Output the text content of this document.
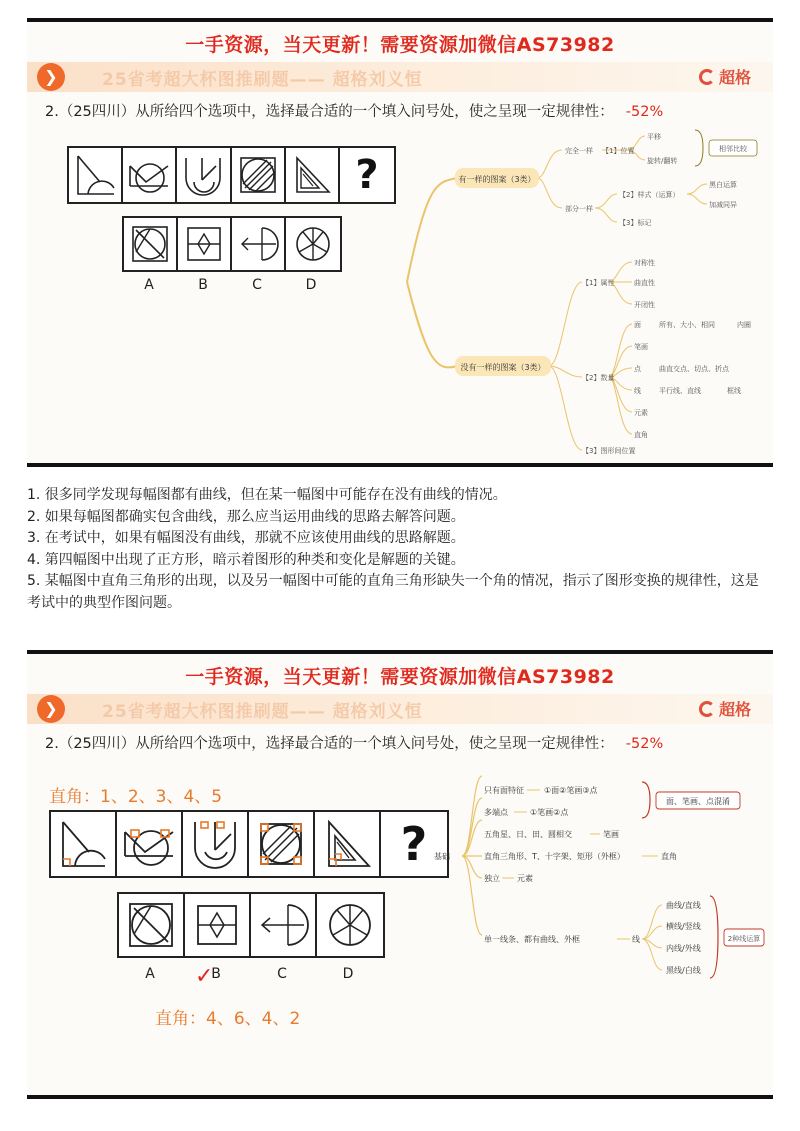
一手资源，当天更新！需要资源加微信AS73982
❯	25省考超大杯图推刷题—— 超格刘义恒	超格
2.（25四川）从所给四个选项中，选择最合适的一个填入问号处，使之呈现一定规律性： -52%
?
A	B	C	D
有一样的图案（3类）
没有一样的图案（3类）
完全一样 【1】位置
平移
旋转/翻转
相邻比较
部分一样
【2】样式（运算）
黑白运算
加减同异
【3】标记
【1】属性
对称性
曲直性
开闭性
【2】数量
面	所有、大小、相同	内圈
笔画
点	曲直交点、切点、折点
线	平行线、直线	框线
元素
直角
【3】图形间位置

1. 很多同学发现每幅图都有曲线，但在某一幅图中可能存在没有曲线的情况。

2. 如果每幅图都确实包含曲线，那么应当运用曲线的思路去解答问题。

3. 在考试中，如果有幅图没有曲线，那就不应该使用曲线的思路解题。

4. 第四幅图中出现了正方形，暗示着图形的种类和变化是解题的关键。

5. 某幅图中直角三角形的出现，以及另一幅图中可能的直角三角形缺失一个角的情况，指示了图形变换的规律性，这是考试中的典型作图问题。

一手资源，当天更新！需要资源加微信AS73982
❯	25省考超大杯图推刷题—— 超格刘义恒	超格
2.（25四川）从所给四个选项中，选择最合适的一个填入问号处，使之呈现一定规律性： -52%
直角：1、2、3、4、5
?
A	B	C	D
✓
直角：4、6、4、2
基础
只有面特征	①面②笔画③点
多端点	①笔画②点
面、笔画、点混淆
五角星、日、田、圆相交	笔画
直角三角形、T、十字架、矩形（外框）	直角
独立 元素
单一线条、都有曲线、外框	线
曲线/直线
横线/竖线
内线/外线
黑线/白线
2种线运算
